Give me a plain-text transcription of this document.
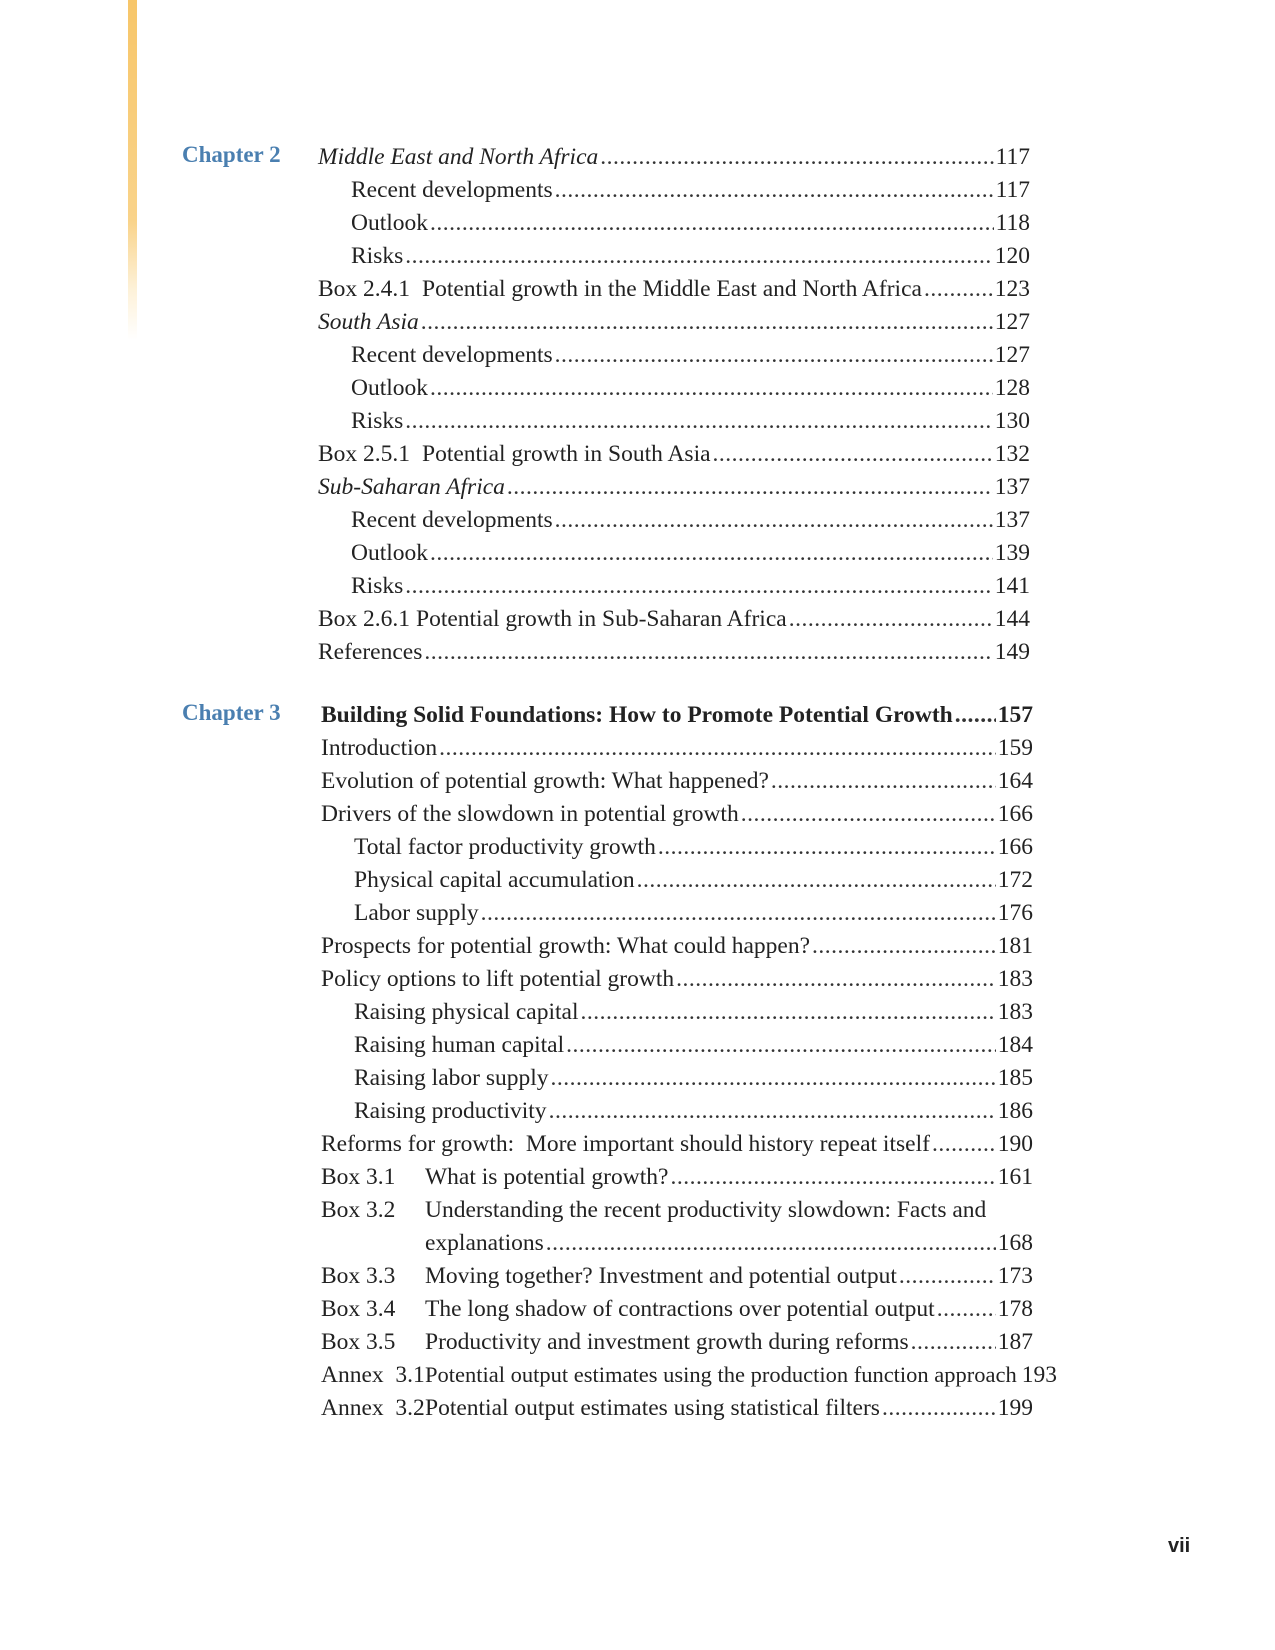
Chapter 2 Middle East and North Africa .....	117
Recent developments .....	117
Outlook .....	118
Risks .....	120
Box 2.4.1 Potential growth in the Middle East and North Africa .....	123
South Asia .....	127
Recent developments .....	127
Outlook .....	128
Risks .....	130
Box 2.5.1 Potential growth in South Asia .....	132
Sub-Saharan Africa .....	137
Recent developments .....	137
Outlook .....	139
Risks .....	141
Box 2.6.1 Potential growth in Sub-Saharan Africa .....	144
References .....	149
Chapter 3 Building Solid Foundations: How to Promote Potential Growth ..... 157
Introduction .....	159
Evolution of potential growth: What happened? .....	164
Drivers of the slowdown in potential growth .....	166
Total factor productivity growth .....	166
Physical capital accumulation .....	172
Labor supply .....	176
Prospects for potential growth: What could happen? .....	181
Policy options to lift potential growth .....	183
Raising physical capital .....	183
Raising human capital .....	184
Raising labor supply .....	185
Raising productivity .....	186
Reforms for growth:  More important should history repeat itself .....	190
Box 3.1	What is potential growth? .....	161
Box 3.2	Understanding the recent productivity slowdown: Facts and
explanations .....	168
Box 3.3	Moving together? Investment and potential output .....	173
Box 3.4	The long shadow of contractions over potential output .....	178
Box 3.5	Productivity and investment growth during reforms .....	187
Annex  3.1 Potential output estimates using the production function approach 193
Annex  3.2 Potential output estimates using statistical filters .....	199
vii
